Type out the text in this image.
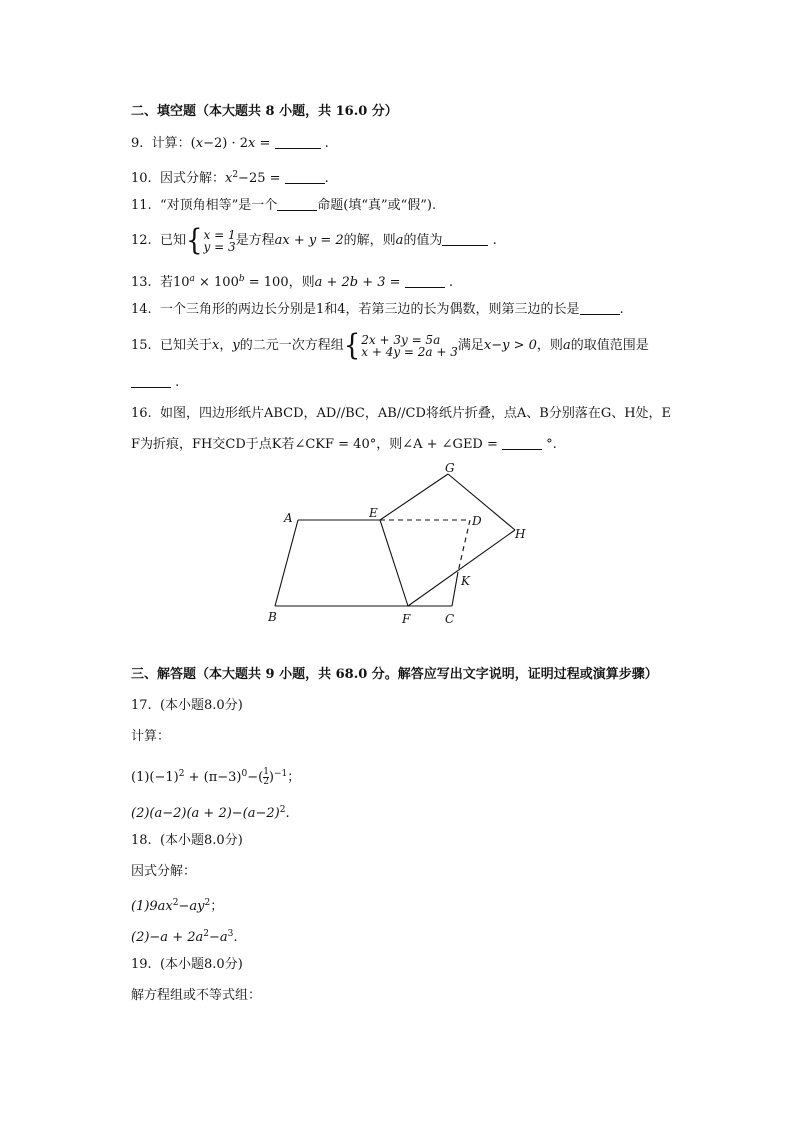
二、填空题（本大题共 8 小题，共 16.0 分）
9. 计算：(x−2) · 2x =	.
10. 因式分解：$x^2-25$ =	.
11. “对顶角相等”是一个	命题(填“真”或“假”).
12. 已知{ x = 1
y = 3 是方程ax + y = 2的解，则a的值为	.
13. 若$10^a \times 100^b = 100$，则a + 2b + 3 =	.
14. 一个三角形的两边长分别是1和4，若第三边的长为偶数，则第三边的长是	.
15. 已知关于x，y的二元一次方程组{ 2x + 3y = 5a
x + 4y = 2a + 3 满足x−y > 0，则a的取值范围是
.
16. 如图，四边形纸片ABCD，AD//BC，AB//CD将纸片折叠，点A、B分别落在G、H处，E
F为折痕，FH交CD于点K若∠CKF = 40°，则∠A + ∠GED =	°.
A	E
D
G
H
K
B	F	C
三、解答题（本大题共 9 小题，共 68.0 分。解答应写出文字说明，证明过程或演算步骤）
17. (本小题8.0分)
计算：
$(1)(-1)^2 + (\pi-3)^0-( \frac{1}{2} )^{-1}$；
$(2)(a-2)(a + 2)-(a-2)^2$.
18. (本小题8.0分)
因式分解：
$(1)9ax^2-ay^2$；
$(2)-a + 2a^2-a^3$.
19. (本小题8.0分)
解方程组或不等式组：
